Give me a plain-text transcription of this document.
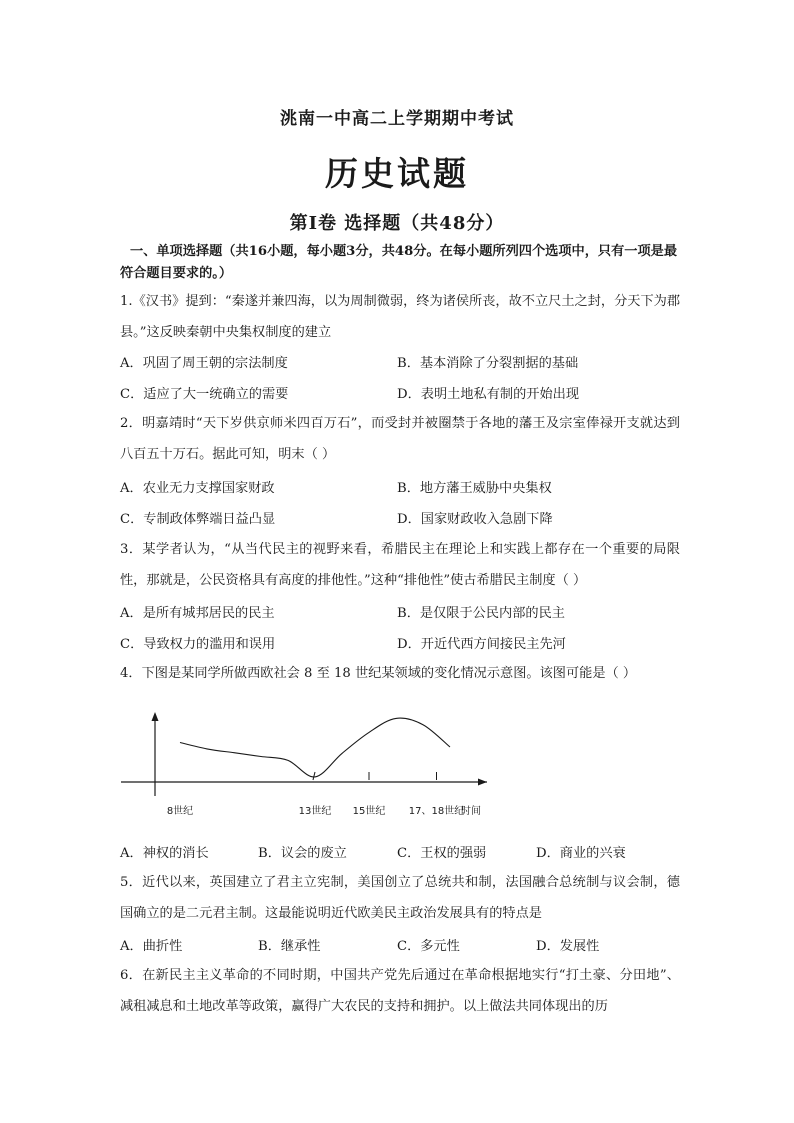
洮南一中高二上学期期中考试
历史试题
第Ⅰ卷 选择题（共48分）
一、单项选择题（共16小题，每小题3分，共48分。在每小题所列四个选项中，只有一项是最符合题目要求的。）
1.《汉书》提到：“秦遂并兼四海，以为周制微弱，终为诸侯所丧，故不立尺土之封，分天下为郡县。”这反映秦朝中央集权制度的建立
A．巩固了周王朝的宗法制度	B．基本消除了分裂割据的基础
C．适应了大一统确立的需要	D．表明土地私有制的开始出现
2．明嘉靖时“天下岁供京师米四百万石”，而受封并被圈禁于各地的藩王及宗室俸禄开支就达到八百五十万石。据此可知，明末（ ）
A．农业无力支撑国家财政	B．地方藩王威胁中央集权
C．专制政体弊端日益凸显	D．国家财政收入急剧下降
3．某学者认为，“从当代民主的视野来看，希腊民主在理论上和实践上都存在一个重要的局限性，那就是，公民资格具有高度的排他性。”这种“排他性”使古希腊民主制度（ ）
A．是所有城邦居民的民主	B．是仅限于公民内部的民主
C．导致权力的滥用和误用	D．开近代西方间接民主先河
4．下图是某同学所做西欧社会 8 至 18 世纪某领域的变化情况示意图。该图可能是（ ）
8世纪	13世纪 15世纪 17、18世纪
时间
A．神权的消长	B．议会的废立	C．王权的强弱	D．商业的兴衰
5．近代以来，英国建立了君主立宪制，美国创立了总统共和制，法国融合总统制与议会制，德国确立的是二元君主制。这最能说明近代欧美民主政治发展具有的特点是
A．曲折性	B．继承性	C．多元性	D．发展性
6．在新民主主义革命的不同时期，中国共产党先后通过在革命根据地实行“打土豪、分田地”、减租减息和土地改革等政策，赢得广大农民的支持和拥护。以上做法共同体现出的历
